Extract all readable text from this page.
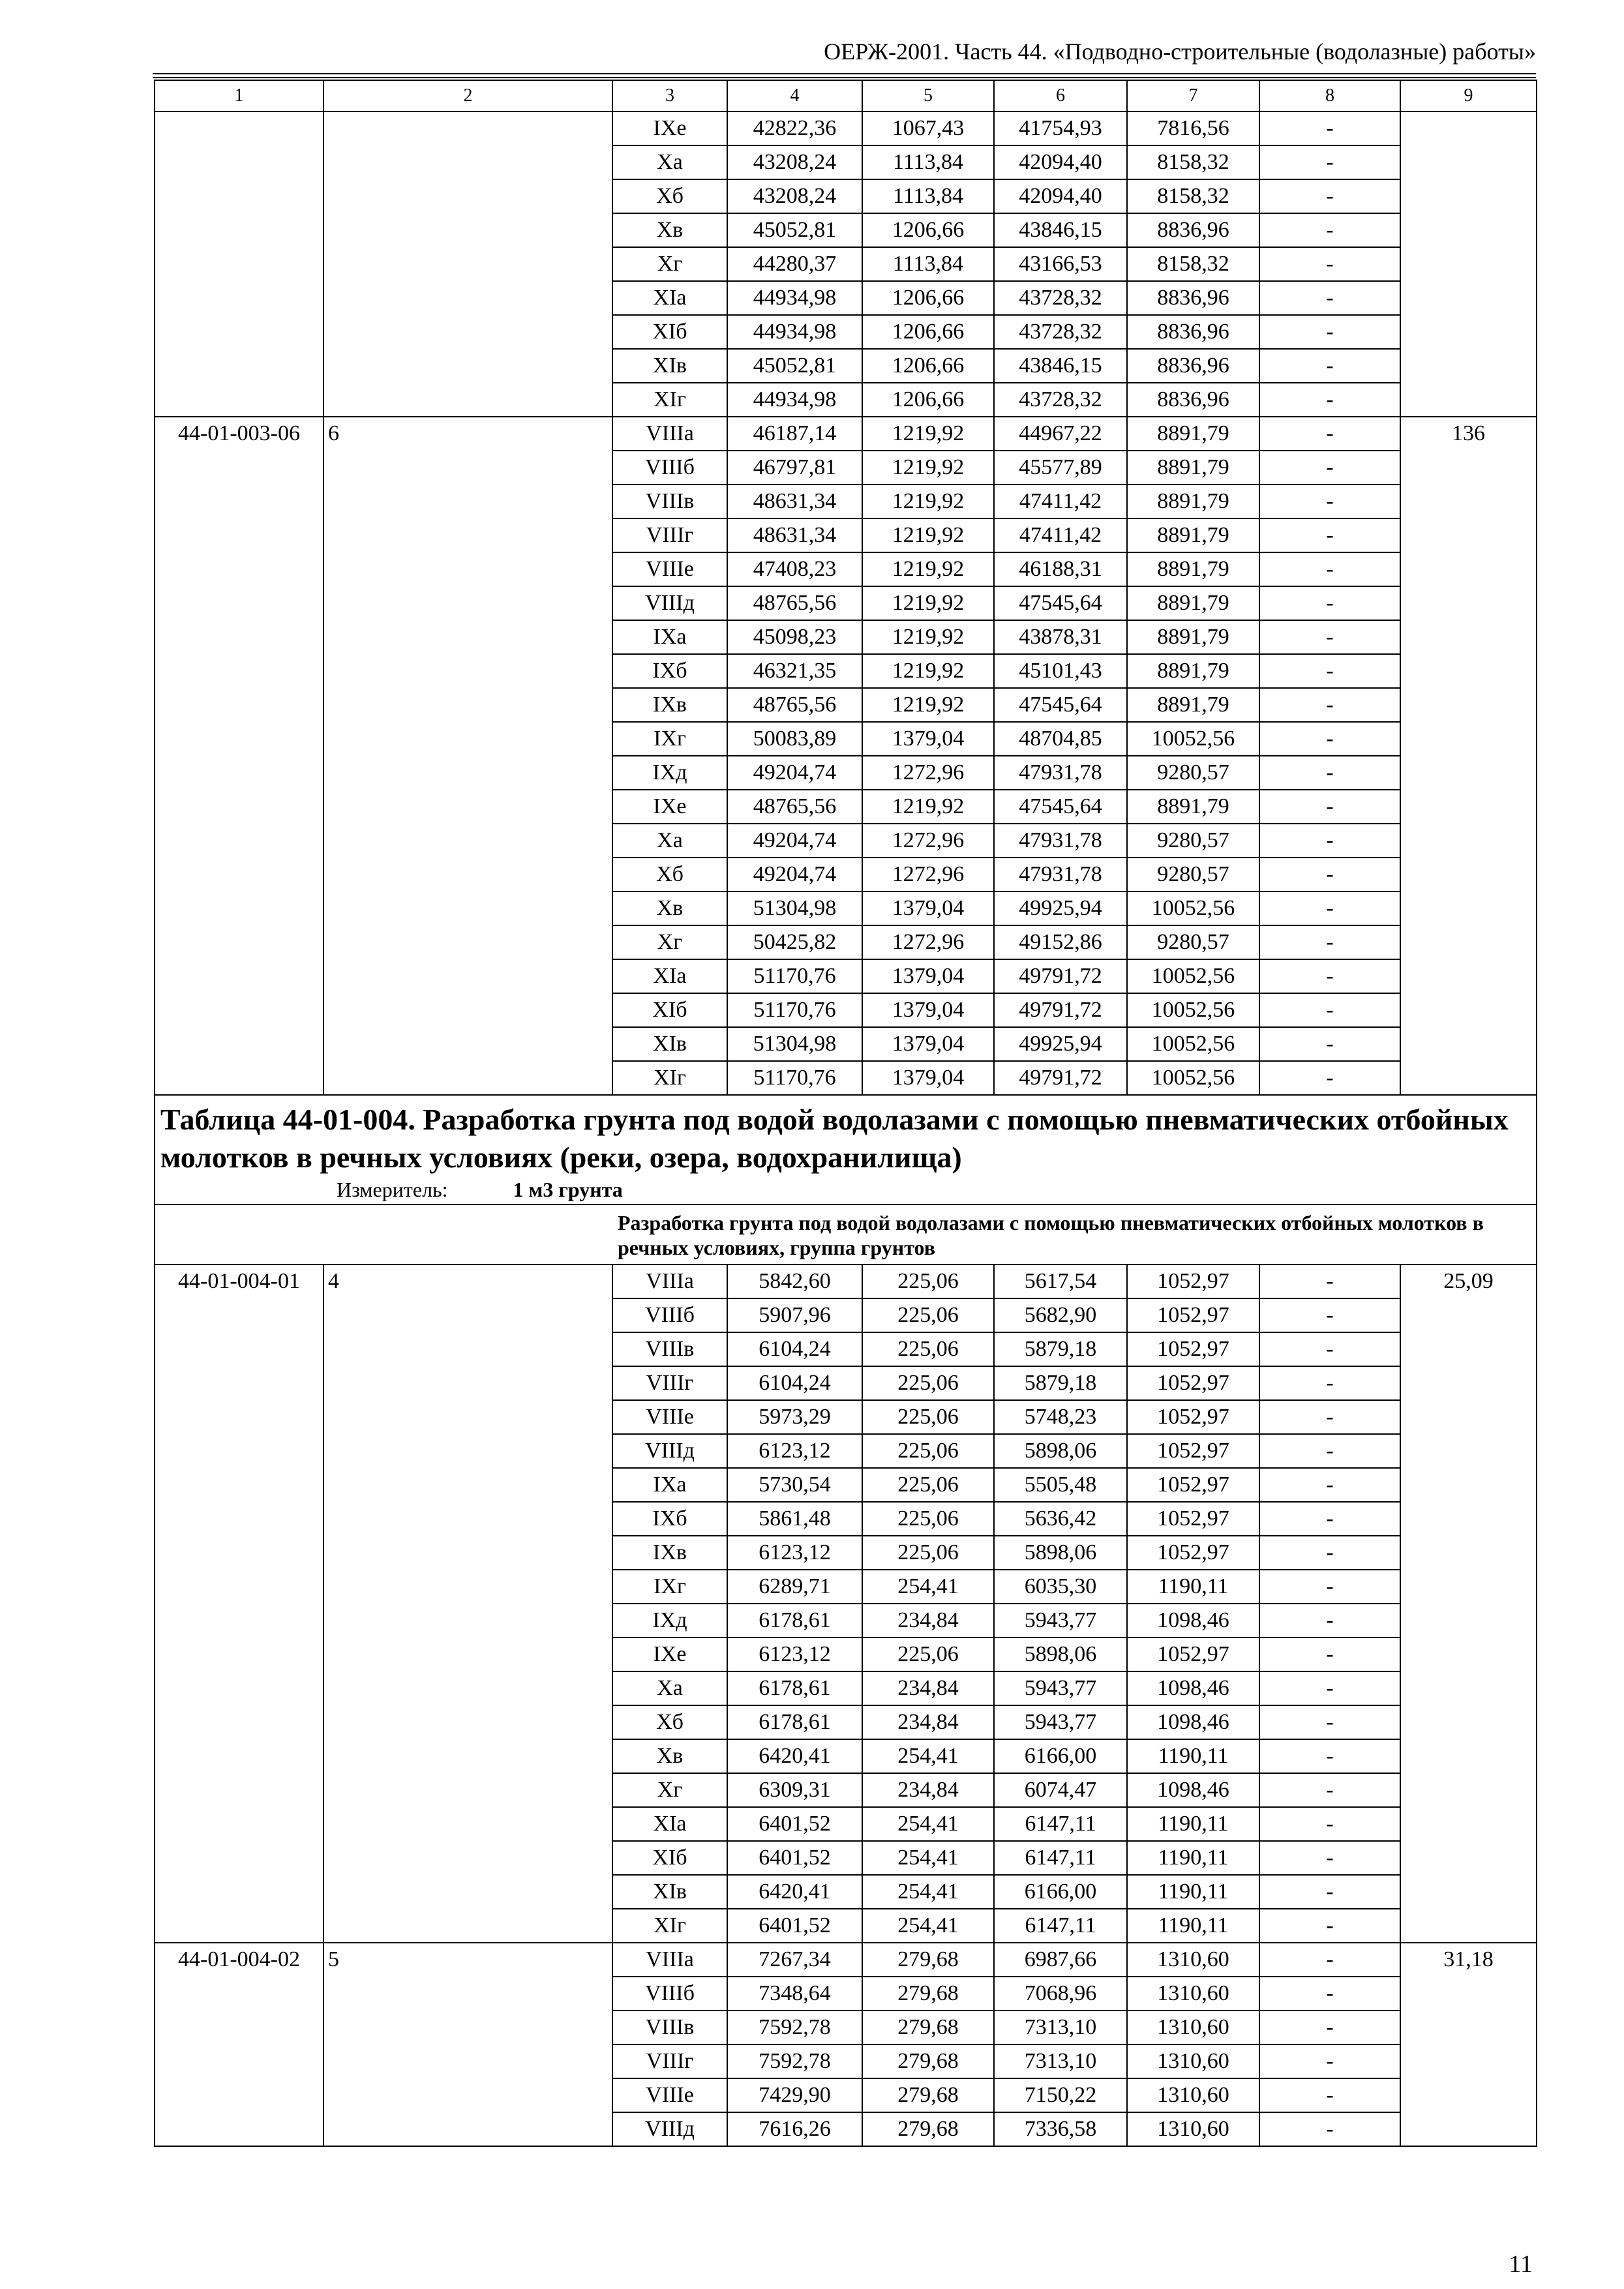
ОЕРЖ-2001. Часть 44. «Подводно-строительные (водолазные) работы»
1	2	3	4	5	6	7	8	9
		IXе	42822,36	1067,43	41754,93	7816,56	-	
		Xа	43208,24	1113,84	42094,40	8158,32	-	
		Xб	43208,24	1113,84	42094,40	8158,32	-	
		Xв	45052,81	1206,66	43846,15	8836,96	-	
		Xг	44280,37	1113,84	43166,53	8158,32	-	
		XIа	44934,98	1206,66	43728,32	8836,96	-	
		XIб	44934,98	1206,66	43728,32	8836,96	-	
		XIв	45052,81	1206,66	43846,15	8836,96	-	
		XIг	44934,98	1206,66	43728,32	8836,96	-	
44-01-003-06	6	VIIIа	46187,14	1219,92	44967,22	8891,79	-	136
		VIIIб	46797,81	1219,92	45577,89	8891,79	-	
		VIIIв	48631,34	1219,92	47411,42	8891,79	-	
		VIIIг	48631,34	1219,92	47411,42	8891,79	-	
		VIIIе	47408,23	1219,92	46188,31	8891,79	-	
		VIIIд	48765,56	1219,92	47545,64	8891,79	-	
		IXа	45098,23	1219,92	43878,31	8891,79	-	
		IXб	46321,35	1219,92	45101,43	8891,79	-	
		IXв	48765,56	1219,92	47545,64	8891,79	-	
		IXг	50083,89	1379,04	48704,85	10052,56	-	
		IXд	49204,74	1272,96	47931,78	9280,57	-	
		IXе	48765,56	1219,92	47545,64	8891,79	-	
		Xа	49204,74	1272,96	47931,78	9280,57	-	
		Xб	49204,74	1272,96	47931,78	9280,57	-	
		Xв	51304,98	1379,04	49925,94	10052,56	-	
		Xг	50425,82	1272,96	49152,86	9280,57	-	
		XIа	51170,76	1379,04	49791,72	10052,56	-	
		XIб	51170,76	1379,04	49791,72	10052,56	-	
		XIв	51304,98	1379,04	49925,94	10052,56	-	
		XIг	51170,76	1379,04	49791,72	10052,56	-	

Таблица 44-01-004. Разработка грунта под водой водолазами с помощью пневматических отбойных молотков в речных условиях (реки, озера, водохранилища)
Измеритель: 1 м3 грунта								

		Разработка грунта под водой водолазами с помощью пневматических отбойных молотков в речных условиях, группа грунтов						
44-01-004-01	4	VIIIа	5842,60	225,06	5617,54	1052,97	-	25,09
		VIIIб	5907,96	225,06	5682,90	1052,97	-	
		VIIIв	6104,24	225,06	5879,18	1052,97	-	
		VIIIг	6104,24	225,06	5879,18	1052,97	-	
		VIIIе	5973,29	225,06	5748,23	1052,97	-	
		VIIIд	6123,12	225,06	5898,06	1052,97	-	
		IXа	5730,54	225,06	5505,48	1052,97	-	
		IXб	5861,48	225,06	5636,42	1052,97	-	
		IXв	6123,12	225,06	5898,06	1052,97	-	
		IXг	6289,71	254,41	6035,30	1190,11	-	
		IXд	6178,61	234,84	5943,77	1098,46	-	
		IXе	6123,12	225,06	5898,06	1052,97	-	
		Xа	6178,61	234,84	5943,77	1098,46	-	
		Xб	6178,61	234,84	5943,77	1098,46	-	
		Xв	6420,41	254,41	6166,00	1190,11	-	
		Xг	6309,31	234,84	6074,47	1098,46	-	
		XIа	6401,52	254,41	6147,11	1190,11	-	
		XIб	6401,52	254,41	6147,11	1190,11	-	
		XIв	6420,41	254,41	6166,00	1190,11	-	
		XIг	6401,52	254,41	6147,11	1190,11	-	
44-01-004-02	5	VIIIа	7267,34	279,68	6987,66	1310,60	-	31,18
		VIIIб	7348,64	279,68	7068,96	1310,60	-	
		VIIIв	7592,78	279,68	7313,10	1310,60	-	
		VIIIг	7592,78	279,68	7313,10	1310,60	-	
		VIIIе	7429,90	279,68	7150,22	1310,60	-	
		VIIIд	7616,26	279,68	7336,58	1310,60	-	
11
